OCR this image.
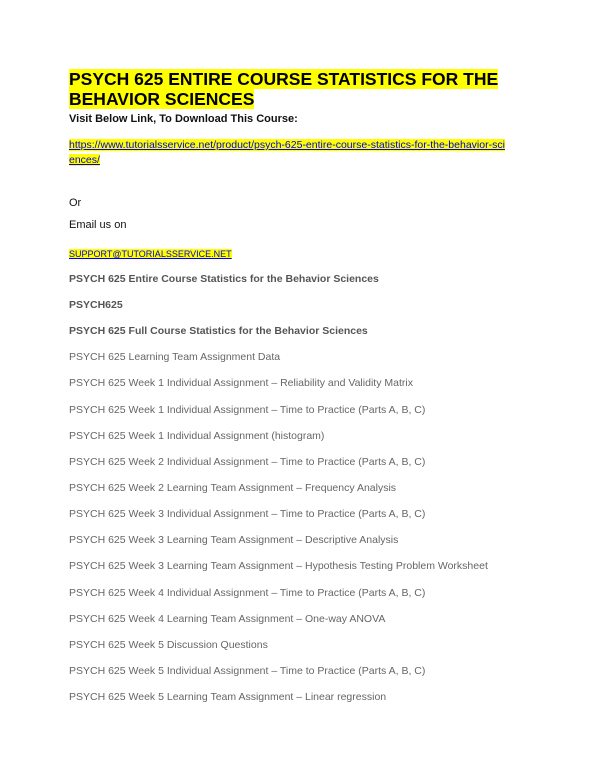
PSYCH 625 ENTIRE COURSE STATISTICS FOR THE BEHAVIOR SCIENCES

Visit Below Link, To Download This Course:

https://www.tutorialsservice.net/product/psych-625-entire-course-statistics-for-the-behavior-sciences/
Or
Email us on
SUPPORT@TUTORIALSSERVICE.NET
PSYCH 625 Entire Course Statistics for the Behavior Sciences
PSYCH625
PSYCH 625 Full Course Statistics for the Behavior Sciences
PSYCH 625 Learning Team Assignment Data
PSYCH 625 Week 1 Individual Assignment – Reliability and Validity Matrix
PSYCH 625 Week 1 Individual Assignment – Time to Practice (Parts A, B, C)
PSYCH 625 Week 1 Individual Assignment (histogram)
PSYCH 625 Week 2 Individual Assignment – Time to Practice (Parts A, B, C)
PSYCH 625 Week 2 Learning Team Assignment – Frequency Analysis
PSYCH 625 Week 3 Individual Assignment – Time to Practice (Parts A, B, C)
PSYCH 625 Week 3 Learning Team Assignment – Descriptive Analysis
PSYCH 625 Week 3 Learning Team Assignment – Hypothesis Testing Problem Worksheet
PSYCH 625 Week 4 Individual Assignment – Time to Practice (Parts A, B, C)
PSYCH 625 Week 4 Learning Team Assignment – One-way ANOVA
PSYCH 625 Week 5 Discussion Questions
PSYCH 625 Week 5 Individual Assignment – Time to Practice (Parts A, B, C)
PSYCH 625 Week 5 Learning Team Assignment – Linear regression
